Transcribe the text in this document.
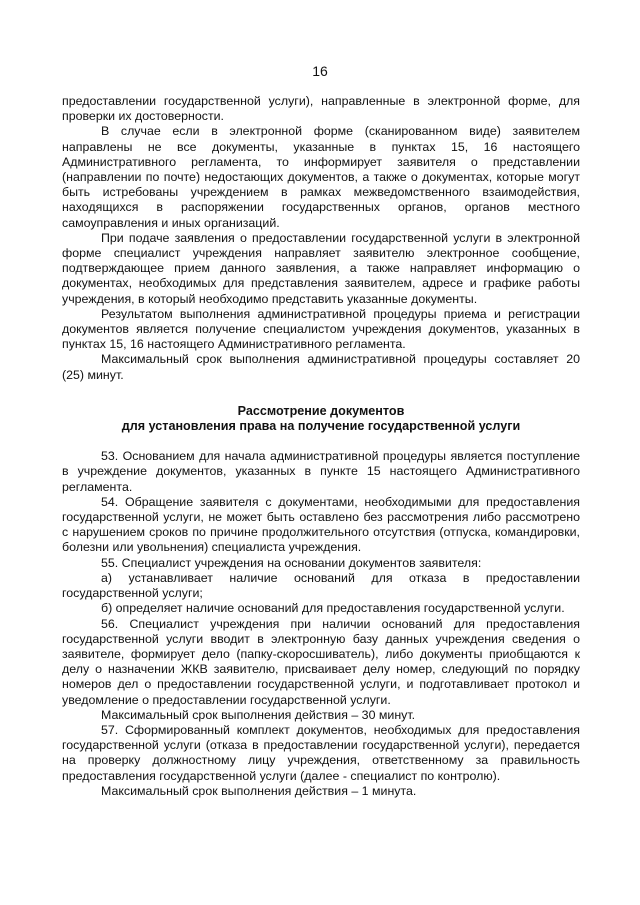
16

предоставлении государственной услуги), направленные в электронной форме, для проверки их достоверности.

В случае если в электронной форме (сканированном виде) заявителем направлены не все документы, указанные в пунктах 15, 16 настоящего Административного регламента, то информирует заявителя о представлении (направлении по почте) недостающих документов, а также о документах, которые могут быть истребованы учреждением в рамках межведомственного взаимодействия, находящихся в распоряжении государственных органов, органов местного самоуправления и иных организаций.

При подаче заявления о предоставлении государственной услуги в электронной форме специалист учреждения направляет заявителю электронное сообщение, подтверждающее прием данного заявления, а также направляет информацию о документах, необходимых для представления заявителем, адресе и графике работы учреждения, в который необходимо представить указанные документы.

Результатом выполнения административной процедуры приема и регистрации документов является получение специалистом учреждения документов, указанных в пунктах 15, 16 настоящего Административного регламента.

Максимальный срок выполнения административной процедуры составляет 20 (25) минут.

Рассмотрение документов

для установления права на получение государственной услуги

53. Основанием для начала административной процедуры является поступление в учреждение документов, указанных в пункте 15 настоящего Административного регламента.

54. Обращение заявителя с документами, необходимыми для предоставления государственной услуги, не может быть оставлено без рассмотрения либо рассмотрено с нарушением сроков по причине продолжительного отсутствия (отпуска, командировки, болезни или увольнения) специалиста учреждения.

55. Специалист учреждения на основании документов заявителя:

а) устанавливает наличие оснований для отказа в предоставлении государственной услуги;

б) определяет наличие оснований для предоставления государственной услуги.

56. Специалист учреждения при наличии оснований для предоставления государственной услуги вводит в электронную базу данных учреждения сведения о заявителе, формирует дело (папку-скоросшиватель), либо документы приобщаются к делу о назначении ЖКВ заявителю, присваивает делу номер, следующий по порядку номеров дел о предоставлении государственной услуги, и подготавливает протокол и уведомление о предоставлении государственной услуги.

Максимальный срок выполнения действия – 30 минут.

57. Сформированный комплект документов, необходимых для предоставления государственной услуги (отказа в предоставлении государственной услуги), передается на проверку должностному лицу учреждения, ответственному за правильность предоставления государственной услуги (далее - специалист по контролю).

Максимальный срок выполнения действия – 1 минута.
